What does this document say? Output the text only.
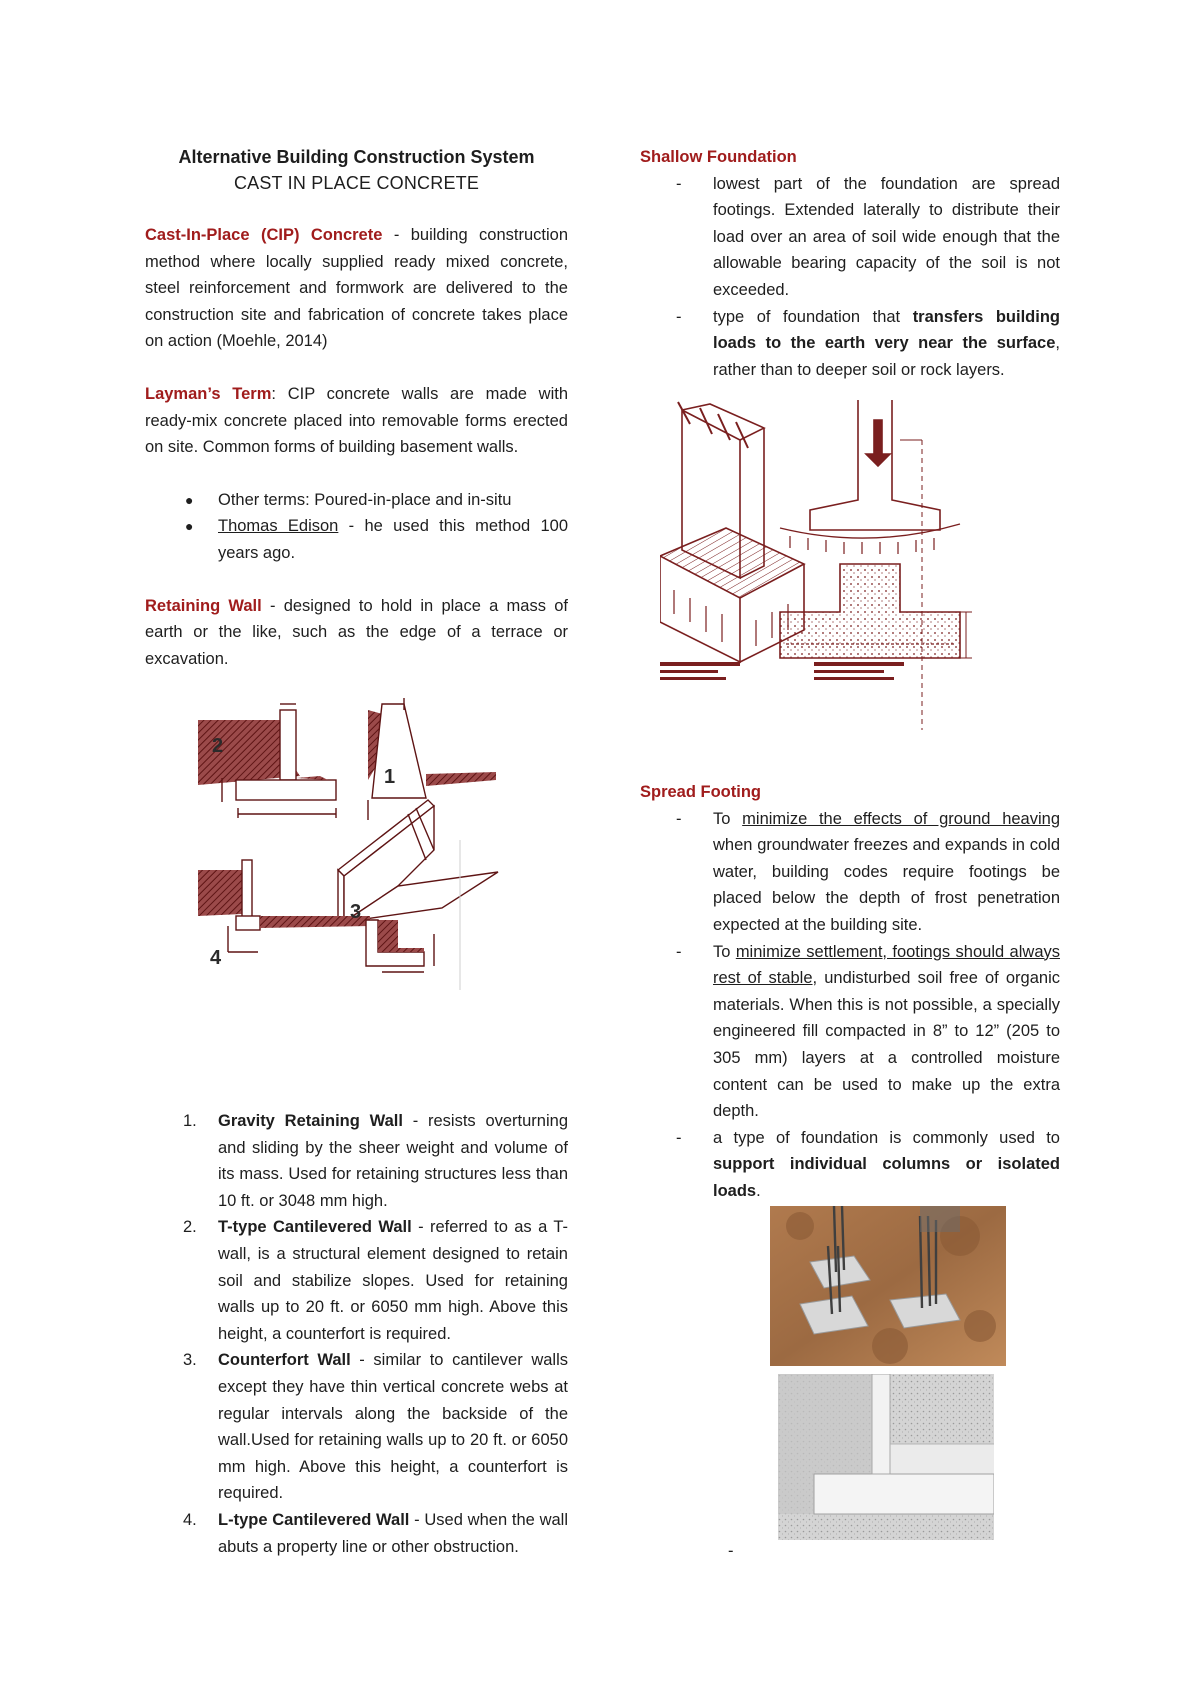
Alternative Building Construction System
CAST IN PLACE CONCRETE

Cast-In-Place (CIP) Concrete - building construction method where locally supplied ready mixed concrete, steel reinforcement and formwork are delivered to the construction site and fabrication of concrete takes place on action (Moehle, 2014)

Layman’s Term: CIP concrete walls are made with ready-mix concrete placed into removable forms erected on site. Common forms of building basement walls.

● Other terms: Poured-in-place and in-situ
● Thomas Edison - he used this method 100 years ago.

Retaining Wall - designed to hold in place a mass of earth or the like, such as the edge of a terrace or excavation.

2
1
3
4
1. Gravity Retaining Wall - resists overturning and sliding by the sheer weight and volume of its mass. Used for retaining structures less than 10 ft. or 3048 mm high.
2. T-type Cantilevered Wall - referred to as a T-wall, is a structural element designed to retain soil and stabilize slopes. Used for retaining walls up to 20 ft. or 6050 mm high. Above this height, a counterfort is required.
3. Counterfort Wall - similar to cantilever walls except they have thin vertical concrete webs at regular intervals along the backside of the wall.Used for retaining walls up to 20 ft. or 6050 mm high. Above this height, a counterfort is required.
4. L-type Cantilevered Wall - Used when the wall abuts a property line or other obstruction.
Shallow Foundation
- lowest part of the foundation are spread footings. Extended laterally to distribute their load over an area of soil wide enough that the allowable bearing capacity of the soil is not exceeded.
- type of foundation that transfers building loads to the earth very near the surface, rather than to deeper soil or rock layers.
Spread Footing
- To minimize the effects of ground heaving when groundwater freezes and expands in cold water, building codes require footings be placed below the depth of frost penetration expected at the building site.
- To minimize settlement, footings should always rest of stable, undisturbed soil free of organic materials. When this is not possible, a specially engineered fill compacted in 8” to 12” (205 to 305 mm) layers at a controlled moisture content can be used to make up the extra depth.
- a type of foundation is commonly used to support individual columns or isolated loads.
-
